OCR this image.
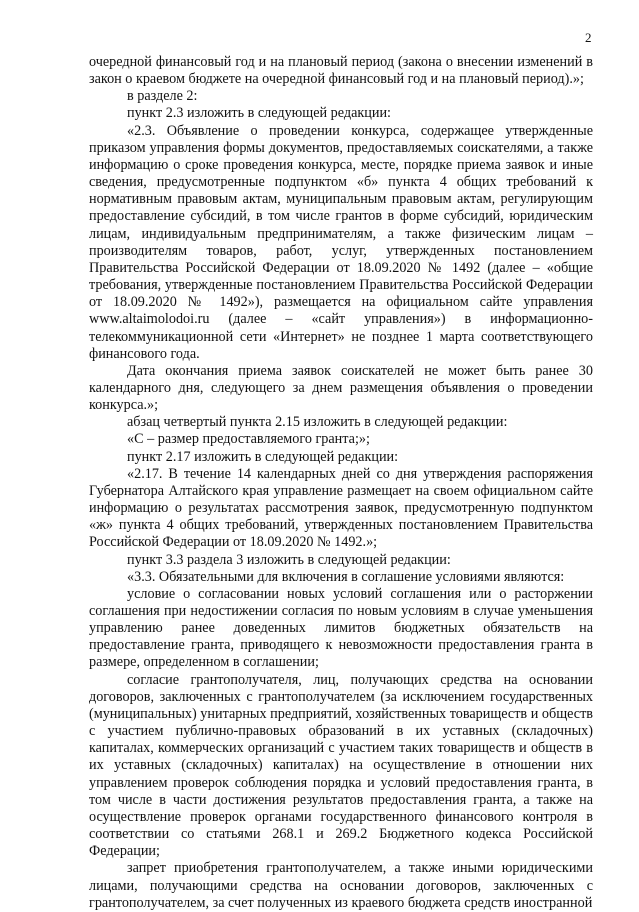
2

очередной финансовый год и на плановый период (закона о внесении изменений в закон о краевом бюджете на очередной финансовый год и на плановый период).»;

в разделе 2:

пункт 2.3 изложить в следующей редакции:

«2.3. Объявление о проведении конкурса, содержащее утвержденные приказом управления формы документов, предоставляемых соискателями, а также информацию о сроке проведения конкурса, месте, порядке приема заявок и иные сведения, предусмотренные подпунктом «б» пункта 4 общих требований к нормативным правовым актам, муниципальным правовым актам, регулирующим предоставление субсидий, в том числе грантов в форме субсидий, юридическим лицам, индивидуальным предпринимателям, а также физическим лицам – производителям товаров, работ, услуг, утвержденных постановлением Правительства Российской Федерации от 18.09.2020 № 1492 (далее – «общие требования, утвержденные постановлением Правительства Российской Федерации от 18.09.2020 № 1492»), размещается на официальном сайте управления www.altaimolodoi.ru (далее – «сайт управления») в информационно-телекоммуникационной сети «Интернет» не позднее 1 марта соответствующего финансового года.

Дата окончания приема заявок соискателей не может быть ранее 30 календарного дня, следующего за днем размещения объявления о проведении конкурса.»;

абзац четвертый пункта 2.15 изложить в следующей редакции:

«С – размер предоставляемого гранта;»;

пункт 2.17 изложить в следующей редакции:

«2.17. В течение 14 календарных дней со дня утверждения распоряжения Губернатора Алтайского края управление размещает на своем официальном сайте информацию о результатах рассмотрения заявок, предусмотренную подпунктом «ж» пункта 4 общих требований, утвержденных постановлением Правительства Российской Федерации от 18.09.2020 № 1492.»;

пункт 3.3 раздела 3 изложить в следующей редакции:

«3.3. Обязательными для включения в соглашение условиями являются:

условие о согласовании новых условий соглашения или о расторжении соглашения при недостижении согласия по новым условиям в случае уменьшения управлению ранее доведенных лимитов бюджетных обязательств на предоставление гранта, приводящего к невозможности предоставления гранта в размере, определенном в соглашении;

согласие грантополучателя, лиц, получающих средства на основании договоров, заключенных с грантополучателем (за исключением государственных (муниципальных) унитарных предприятий, хозяйственных товариществ и обществ с участием публично-правовых образований в их уставных (складочных) капиталах, коммерческих организаций с участием таких товариществ и обществ в их уставных (складочных) капиталах) на осуществление в отношении них управлением проверок соблюдения порядка и условий предоставления гранта, в том числе в части достижения результатов предоставления гранта, а также на осуществление проверок органами государственного финансового контроля в соответствии со статьями 268.1 и 269.2 Бюджетного кодекса Российской Федерации;

запрет приобретения грантополучателем, а также иными юридическими лицами, получающими средства на основании договоров, заключенных с грантополучателем, за счет полученных из краевого бюджета средств иностранной
